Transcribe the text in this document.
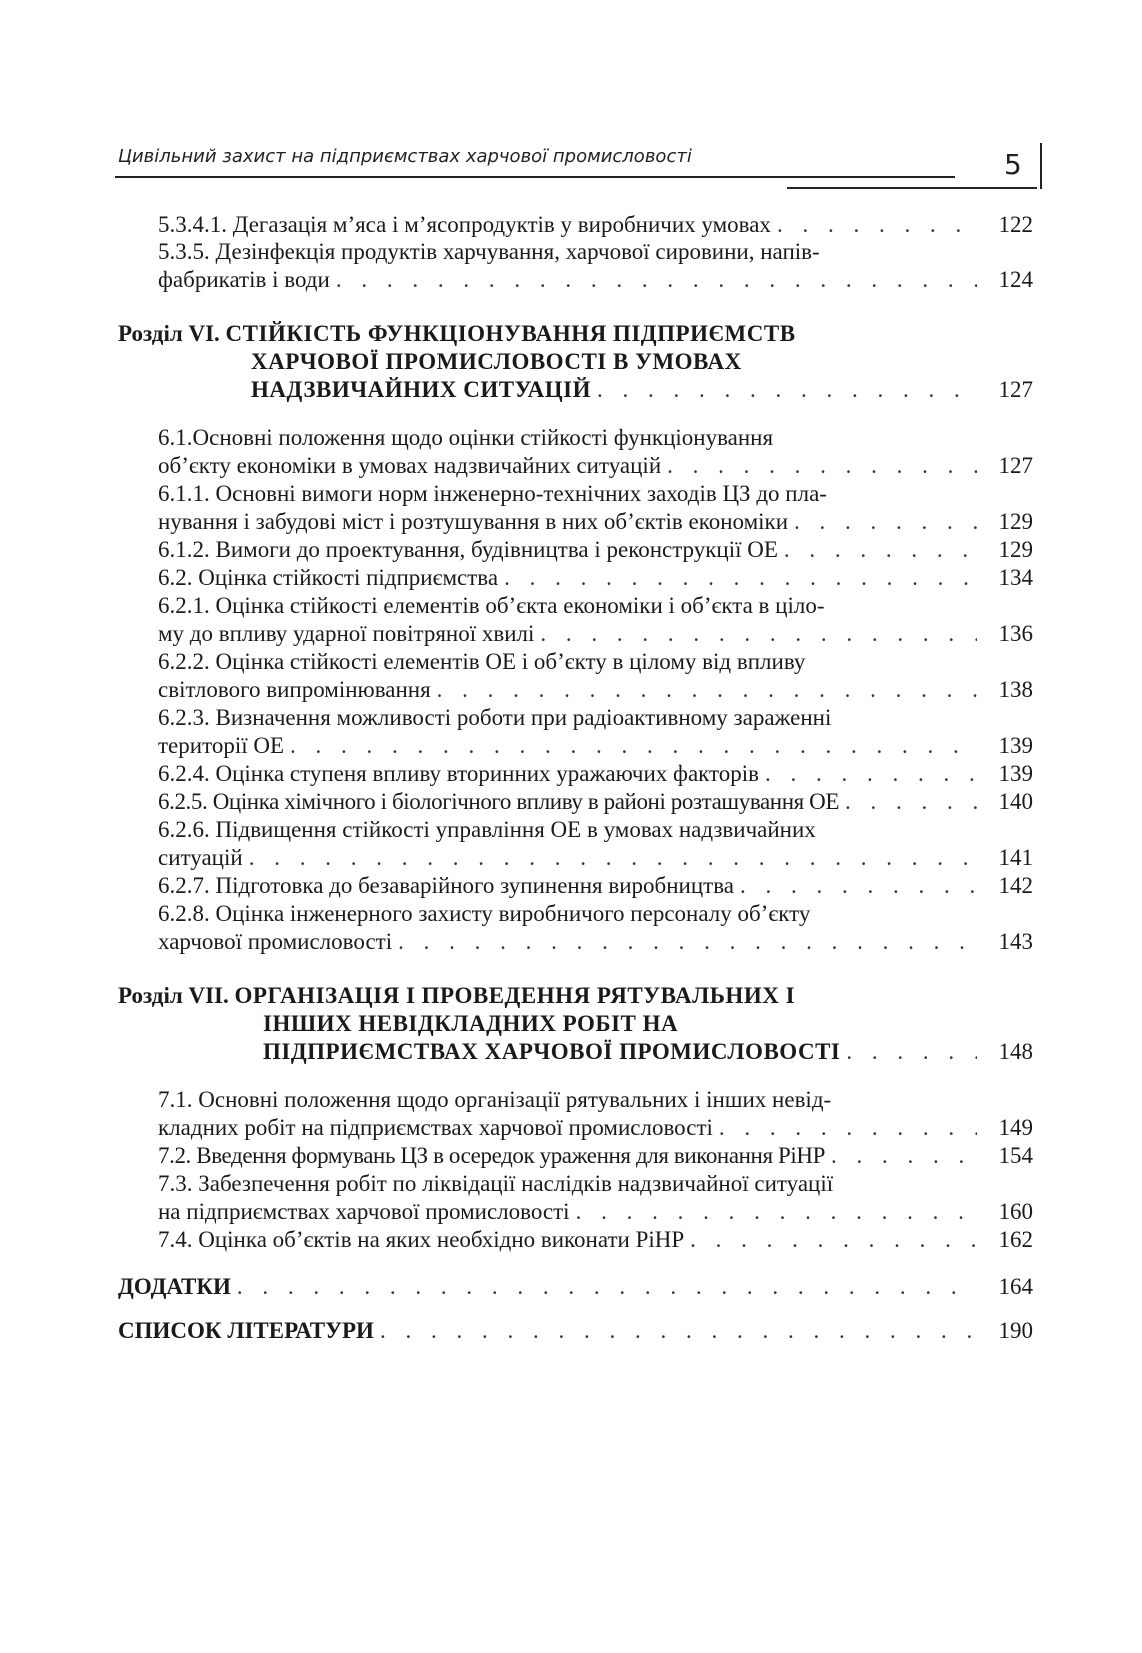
Цивільний захист на підприємствах харчової промисловості	5
5.3.4.1. Дегазація м’яса і м’ясопродуктів у виробничих умовах . . .	122
5.3.5. Дезінфекція продуктів харчування, харчової сировини, напів-
фабрикатів і води . . .	124
Розділ VI. СТІЙКІСТЬ ФУНКЦІОНУВАННЯ ПІДПРИЄМСТВ
ХАРЧОВОЇ ПРОМИСЛОВОСТІ В УМОВАХ
НАДЗВИЧАЙНИХ СИТУАЦІЙ . . .	127
6.1.Основні положення щодо оцінки стійкості функціонування
об’єкту економіки в умовах надзвичайних ситуацій . . .	127
6.1.1. Основні вимоги норм інженерно-технічних заходів ЦЗ до пла-
нування і забудові міст і розтушування в них об’єктів економіки . . .	129
6.1.2. Вимоги до проектування, будівництва і реконструкції ОЕ . . .	129
6.2. Оцінка стійкості підприємства . . .	134
6.2.1. Оцінка стійкості елементів об’єкта економіки і об’єкта в ціло-
му до впливу ударної повітряної хвилі . . .	136
6.2.2. Оцінка стійкості елементів ОЕ і об’єкту в цілому від впливу
світлового випромінювання . . .	138
6.2.3. Визначення можливості роботи при радіоактивному зараженні
території ОЕ . . .	139
6.2.4. Оцінка ступеня впливу вторинних уражаючих факторів . . .	139
6.2.5. Оцінка хімічного і біологічного впливу в районі розташування ОЕ . . .	140
6.2.6. Підвищення стійкості управління ОЕ в умовах надзвичайних
ситуацій . . .	141
6.2.7. Підготовка до безаварійного зупинення виробництва . . .	142
6.2.8. Оцінка інженерного захисту виробничого персоналу об’єкту
харчової промисловості . . .	143
Розділ VII. ОРГАНІЗАЦІЯ І ПРОВЕДЕННЯ РЯТУВАЛЬНИХ І
ІНШИХ НЕВІДКЛАДНИХ РОБІТ НА
ПІДПРИЄМСТВАХ ХАРЧОВОЇ ПРОМИСЛОВОСТІ . . .	148
7.1. Основні положення щодо організації рятувальних і інших невід-
кладних робіт на підприємствах харчової промисловості . . .	149
7.2. Введення формувань ЦЗ в осередок ураження для виконання РіНР . . .	154
7.3. Забезпечення робіт по ліквідації наслідків надзвичайної ситуації
на підприємствах харчової промисловості . . .	160
7.4. Оцінка об’єктів на яких необхідно виконати РіНР . . .	162
ДОДАТКИ . . .	164
СПИСОК ЛІТЕРАТУРИ . . .	190
